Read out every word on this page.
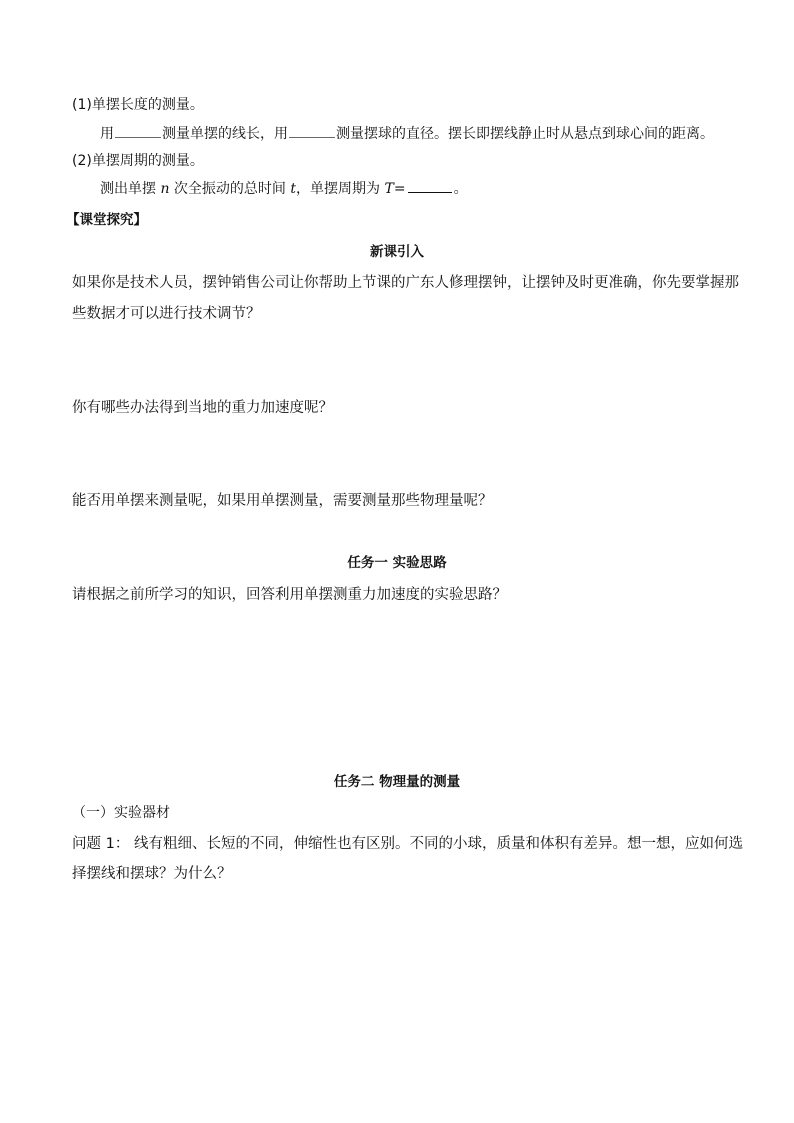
(1)单摆长度的测量。
用	测量单摆的线长，用	测量摆球的直径。摆长即摆线静止时从悬点到球心间的距离。
(2)单摆周期的测量。
测出单摆 n 次全振动的总时间 t，单摆周期为 T=	。
【课堂探究】
新课引入
如果你是技术人员，摆钟销售公司让你帮助上节课的广东人修理摆钟，让摆钟及时更准确，你先要掌握那
些数据才可以进行技术调节？
你有哪些办法得到当地的重力加速度呢？
能否用单摆来测量呢，如果用单摆测量，需要测量那些物理量呢？
任务一 实验思路
请根据之前所学习的知识，回答利用单摆测重力加速度的实验思路？
任务二 物理量的测量
（一）实验器材
问题 1： 线有粗细、长短的不同，伸缩性也有区别。不同的小球，质量和体积有差异。想一想，应如何选
择摆线和摆球？为什么？
